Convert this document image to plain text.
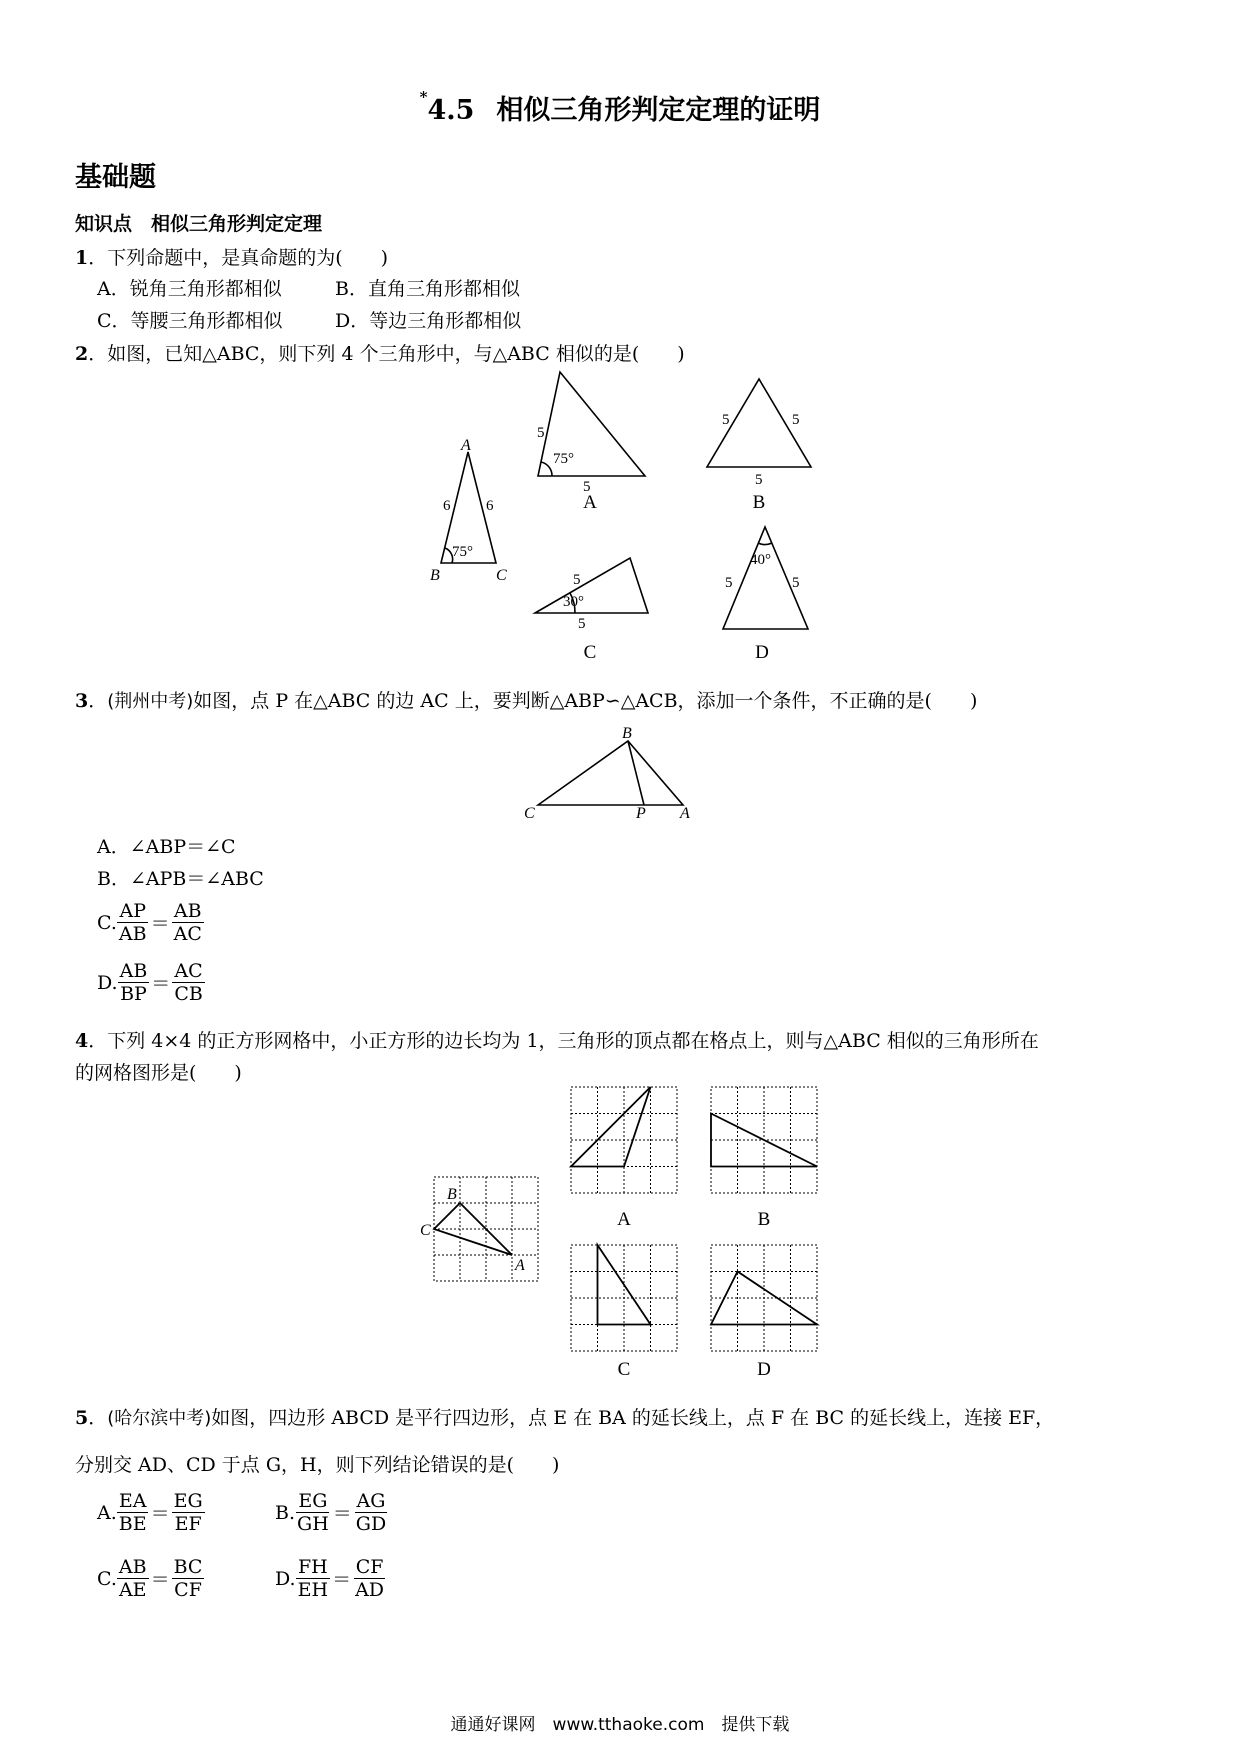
*4.5 相似三角形判定定理的证明
基础题
知识点　相似三角形判定定理
1．下列命题中，是真命题的为(　　)
A．锐角三角形都相似	B．直角三角形都相似
C．等腰三角形都相似	D．等边三角形都相似
2．如图，已知△ABC，则下列 4 个三角形中，与△ABC 相似的是(　　)
A
B	C
6 6
75°
5
5
75°
5	5
5
5
5
30°
5	5
40°
A	B
C	D
B
C	P A
B
C
A
A	B
C	D
3．(荆州中考)如图，点 P 在△ABC 的边 AC 上，要判断△ABP∽△ACB，添加一个条件，不正确的是(　　)
A．∠ABP＝∠C
B．∠APB＝∠ABC
C. $\frac{AP}{AB} = \frac{AB}{AC}$
D. $\frac{AB}{BP} = \frac{AC}{CB}$
4．下列 4×4 的正方形网格中，小正方形的边长均为 1，三角形的顶点都在格点上，则与△ABC 相似的三角形所在
的网格图形是(　　)
5．(哈尔滨中考)如图，四边形 ABCD 是平行四边形，点 E 在 BA 的延长线上，点 F 在 BC 的延长线上，连接 EF，
分别交 AD、CD 于点 G，H，则下列结论错误的是(　　)
A. $\frac{EA}{BE} = \frac{EG}{EF}$	B. $\frac{EG}{GH} = \frac{AG}{GD}$
C. $\frac{AB}{AE} = \frac{BC}{CF}$	D. $\frac{FH}{EH} = \frac{CF}{AD}$
通通好课网　www.tthaoke.com　提供下载
